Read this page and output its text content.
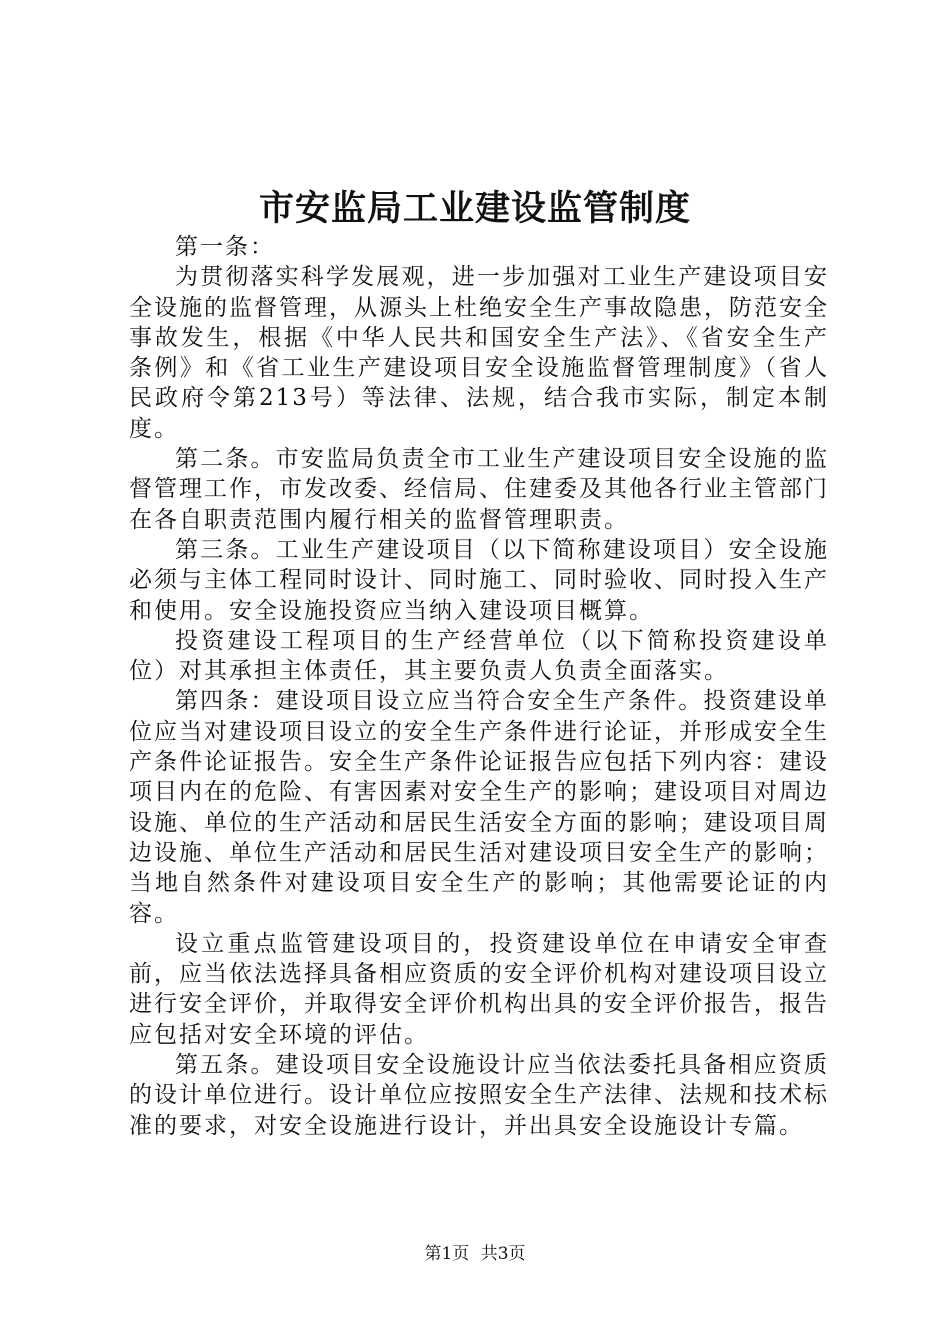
市安监局工业建设监管制度

第一条：

为贯彻落实科学发展观，进一步加强对工业生产建设项目安全设施的监督管理，从源头上杜绝安全生产事故隐患，防范安全事故发生，根据《中华人民共和国安全生产法》、《省安全生产条例》和《省工业生产建设项目安全设施监督管理制度》（省人民政府令第213号）等法律、法规，结合我市实际，制定本制度。

第二条。市安监局负责全市工业生产建设项目安全设施的监督管理工作，市发改委、经信局、住建委及其他各行业主管部门在各自职责范围内履行相关的监督管理职责。

第三条。工业生产建设项目（以下简称建设项目）安全设施必须与主体工程同时设计、同时施工、同时验收、同时投入生产和使用。安全设施投资应当纳入建设项目概算。

投资建设工程项目的生产经营单位（以下简称投资建设单位）对其承担主体责任，其主要负责人负责全面落实。

第四条：建设项目设立应当符合安全生产条件。投资建设单位应当对建设项目设立的安全生产条件进行论证，并形成安全生产条件论证报告。安全生产条件论证报告应包括下列内容：建设项目内在的危险、有害因素对安全生产的影响；建设项目对周边设施、单位的生产活动和居民生活安全方面的影响；建设项目周边设施、单位生产活动和居民生活对建设项目安全生产的影响；当地自然条件对建设项目安全生产的影响；其他需要论证的内容。

设立重点监管建设项目的，投资建设单位在申请安全审查前，应当依法选择具备相应资质的安全评价机构对建设项目设立进行安全评价，并取得安全评价机构出具的安全评价报告，报告应包括对安全环境的评估。

第五条。建设项目安全设施设计应当依法委托具备相应资质的设计单位进行。设计单位应按照安全生产法律、法规和技术标准的要求，对安全设施进行设计，并出具安全设施设计专篇。

第1页 共3页
